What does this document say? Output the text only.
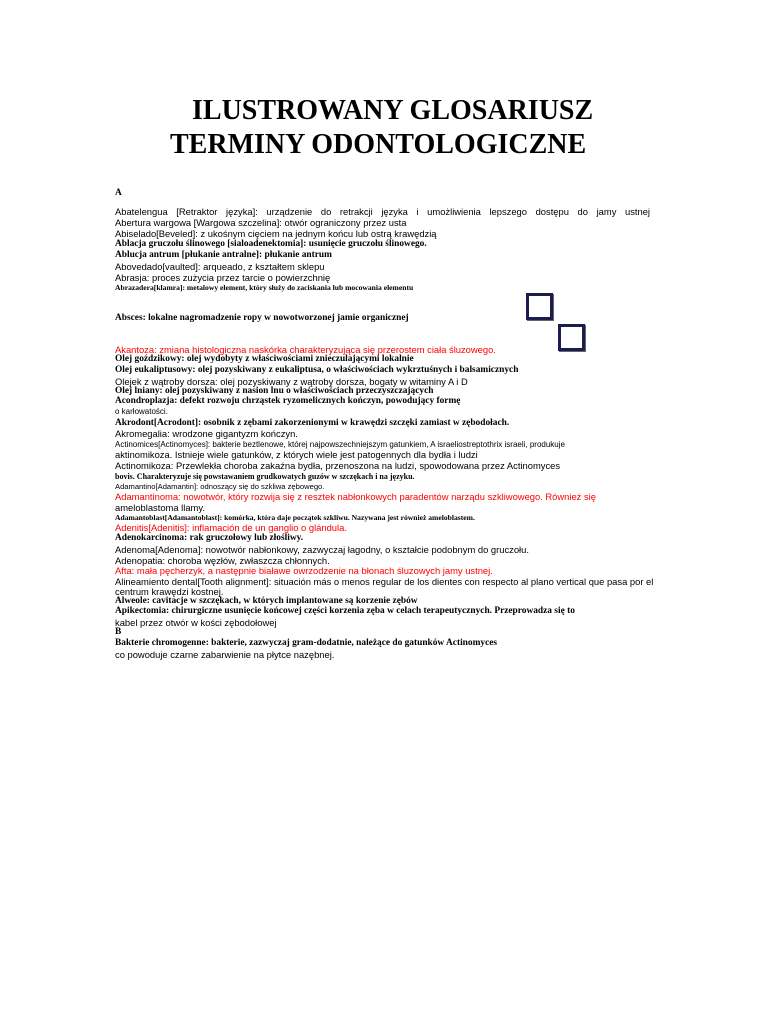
ILUSTROWANY GLOSARIUSZ
TERMINY ODONTOLOGICZNE

A

Abatelengua [Retraktor języka]: urządzenie do retrakcji języka i umożliwienia lepszego dostępu do jamy ustnej

Abertura wargowa [Wargowa szczelina]: otwór ograniczony przez usta

Abiselado[Beveled]: z ukośnym cięciem na jednym końcu lub ostrą krawędzią

Ablacja gruczołu ślinowego [sialoadenektomia]: usunięcie gruczołu ślinowego.

Ablucja antrum [płukanie antralne]: płukanie antrum

Abovedado[vaulted]: arqueado, z kształtem sklepu

Abrasja: proces zużycia przez tarcie o powierzchnię

Abrazadera[klamra]: metalowy element, który służy do zaciskania lub mocowania elementu

Absces: lokalne nagromadzenie ropy w nowotworzonej jamie organicznej

Akantoza: zmiana histologiczna naskórka charakteryzująca się przerostem ciała śluzowego.

Olej goździkowy: olej wydobyty z właściwościami znieczulającymi lokalnie

Olej eukaliptusowy: olej pozyskiwany z eukaliptusa, o właściwościach wykrztuśnych i balsamicznych

Olejek z wątroby dorsza: olej pozyskiwany z wątroby dorsza, bogaty w witaminy A i D

Olej lniany: olej pozyskiwany z nasion lnu o właściwościach przeczyszczających

Acondroplazja: defekt rozwoju chrząstek ryzomelicznych kończyn, powodujący formę

o karłowatości.

Akrodont[Acrodont]: osobnik z zębami zakorzenionymi w krawędzi szczęki zamiast w zębodołach.

Akromegalia: wrodzone gigantyzm kończyn.

Actinomices[Actinomyces]: bakterie beztlenowe, której najpowszechniejszym gatunkiem, A israeliostreptothrix israeli, produkuje

aktinomikoza. Istnieje wiele gatunków, z których wiele jest patogennych dla bydła i ludzi

Actinomikoza: Przewlekła choroba zakaźna bydła, przenoszona na ludzi, spowodowana przez Actinomyces

bovis. Charakteryzuje się powstawaniem grudkowatych guzów w szczękach i na języku.

Adamantino[Adamantin]: odnoszący się do szkliwa zębowego.

Adamantinoma: nowotwór, który rozwija się z resztek nabłonkowych paradentów narządu szkliwowego. Również się

ameloblastoma llamy.

Adamantoblast[Adamantoblast]: komórka, która daje początek szkliwu. Nazywana jest również ameloblastem.

Adenitis[Adenitis]: inflamación de un ganglio o glándula.

Adenokarcinoma: rak gruczołowy lub złośliwy.

Adenoma[Adenoma]: nowotwór nabłonkowy, zazwyczaj łagodny, o kształcie podobnym do gruczołu.

Adenopatia: choroba węzłów, zwłaszcza chłonnych.

Afta: mała pęcherzyk, a następnie białawe owrzodzenie na błonach śluzowych jamy ustnej.

Alineamiento dental[Tooth alignment]: situación más o menos regular de los dientes con respecto al plano vertical que pasa por el

centrum krawędzi kostnej.

Alweole: cavitacje w szczękach, w których implantowane są korzenie zębów

Apikectomia: chirurgiczne usunięcie końcowej części korzenia zęba w celach terapeutycznych. Przeprowadza się to

kabel przez otwór w kości zębodołowej

B

Bakterie chromogenne: bakterie, zazwyczaj gram-dodatnie, należące do gatunków Actinomyces

co powoduje czarne zabarwienie na płytce nazębnej.
